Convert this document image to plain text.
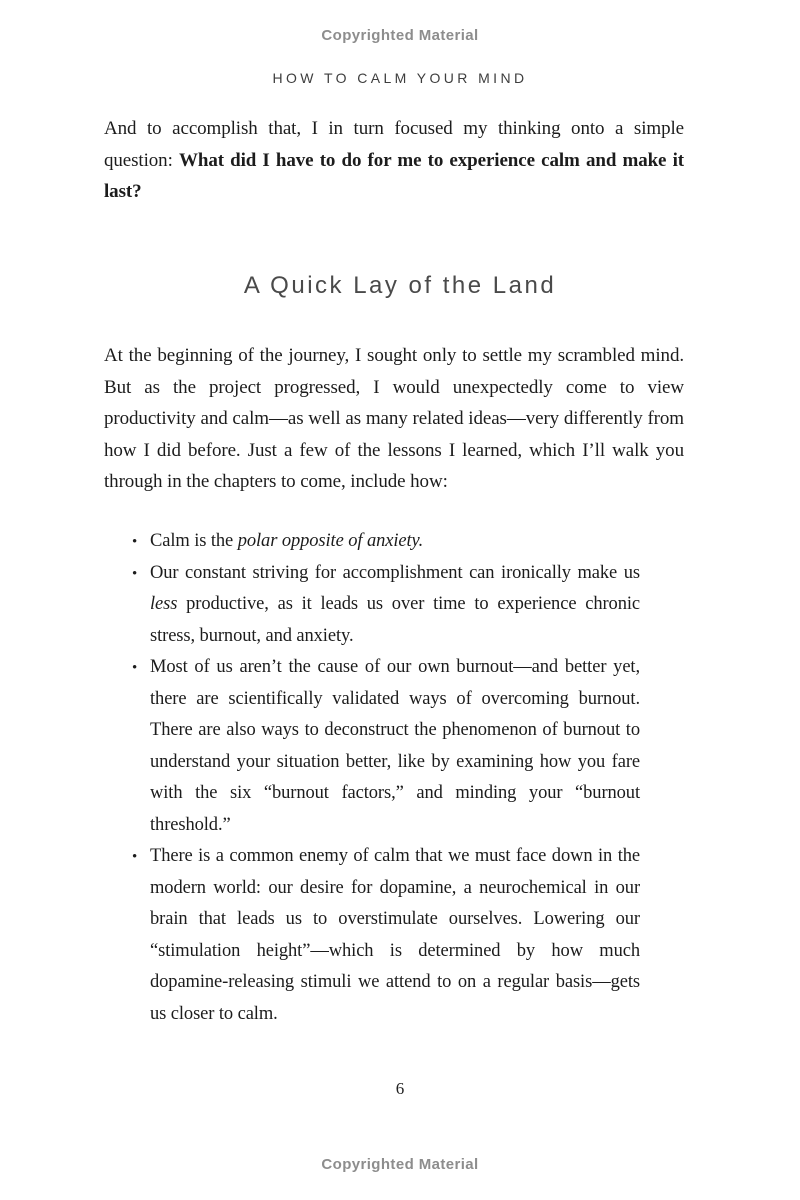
Copyrighted Material
HOW TO CALM YOUR MIND

And to accomplish that, I in turn focused my thinking onto a simple question: What did I have to do for me to experience calm and make it last?

A Quick Lay of the Land

At the beginning of the journey, I sought only to settle my scrambled mind. But as the project progressed, I would unexpectedly come to view productivity and calm—as well as many related ideas—very differently from how I did before. Just a few of the lessons I learned, which I’ll walk you through in the chapters to come, include how:

• Calm is the polar opposite of anxiety.
• Our constant striving for accomplishment can ironically make us less productive, as it leads us over time to experience chronic stress, burnout, and anxiety.
• Most of us aren’t the cause of our own burnout—and better yet, there are scientifically validated ways of overcoming burnout. There are also ways to deconstruct the phenomenon of burnout to understand your situation better, like by examining how you fare with the six “burnout factors,” and minding your “burnout threshold.”
• There is a common enemy of calm that we must face down in the modern world: our desire for dopamine, a neurochemical in our brain that leads us to overstimulate ourselves. Lowering our “stimulation height”—which is determined by how much dopamine-releasing stimuli we attend to on a regular basis—gets us closer to calm.
6
Copyrighted Material
